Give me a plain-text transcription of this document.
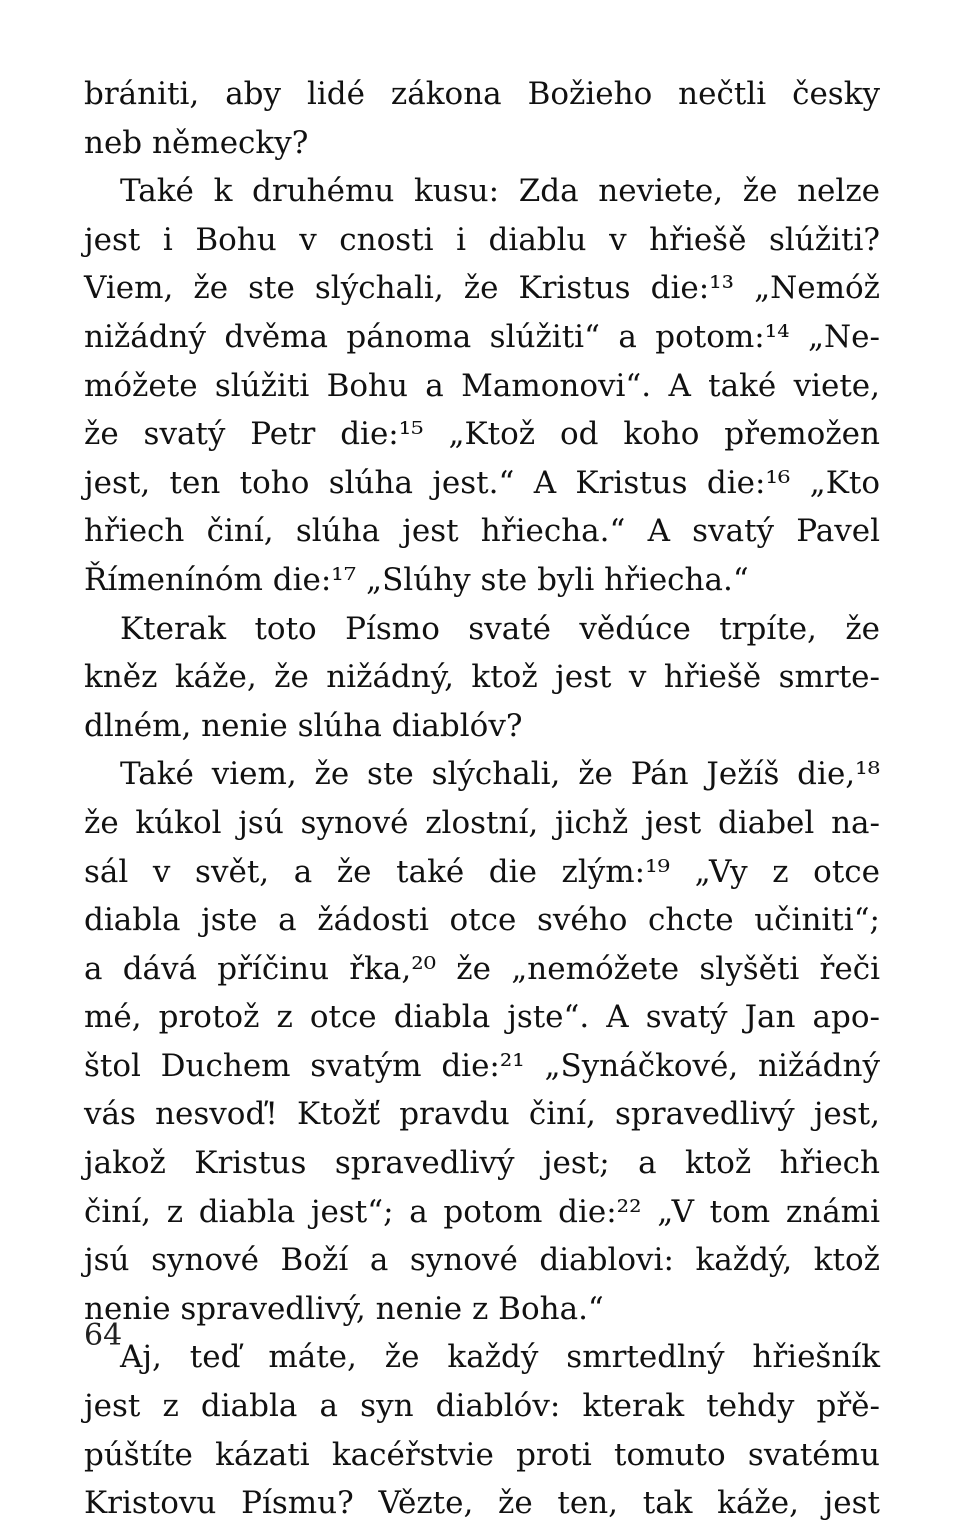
brániti, aby lidé zákona Božieho nečtli česky
neb německy?
Také k druhému kusu: Zda neviete, že nelze
jest i Bohu v cnosti i diablu v hřiešě slúžiti?
Viem, že ste slýchali, že Kristus die:¹³ „Nemóž
nižádný dvěma pánoma slúžiti“ a potom:¹⁴ „Ne-
móžete slúžiti Bohu a Mamonovi“. A také viete,
že svatý Petr die:¹⁵ „Ktož od koho přemožen
jest, ten toho slúha jest.“ A Kristus die:¹⁶ „Kto
hřiech činí, slúha jest hřiecha.“ A svatý Pavel
Římenínóm die:¹⁷ „Slúhy ste byli hřiecha.“
Kterak toto Písmo svaté vědúce trpíte, že
kněz káže, že nižádný, ktož jest v hřiešě smrte-
dlném, nenie slúha diablóv?
Také viem, že ste slýchali, že Pán Ježíš die,¹⁸
že kúkol jsú synové zlostní, jichž jest diabel na-
sál v svět, a že také die zlým:¹⁹ „Vy z otce
diabla jste a žádosti otce svého chcte učiniti“;
a dává příčinu řka,²⁰ že „nemóžete slyšěti řeči
mé, protož z otce diabla jste“. A svatý Jan apo-
štol Duchem svatým die:²¹ „Synáčkové, nižádný
vás nesvoď! Ktožť pravdu činí, spravedlivý jest,
jakož Kristus spravedlivý jest; a ktož hřiech
činí, z diabla jest“; a potom die:²² „V tom známi
jsú synové Boží a synové diablovi: každý, ktož
nenie spravedlivý, nenie z Boha.“
Aj, teď máte, že každý smrtedlný hřiešník
jest z diabla a syn diablóv: kterak tehdy přě-
púštíte kázati kacéřstvie proti tomuto svatému
Kristovu Písmu? Vězte, že ten, tak káže, jest
64
